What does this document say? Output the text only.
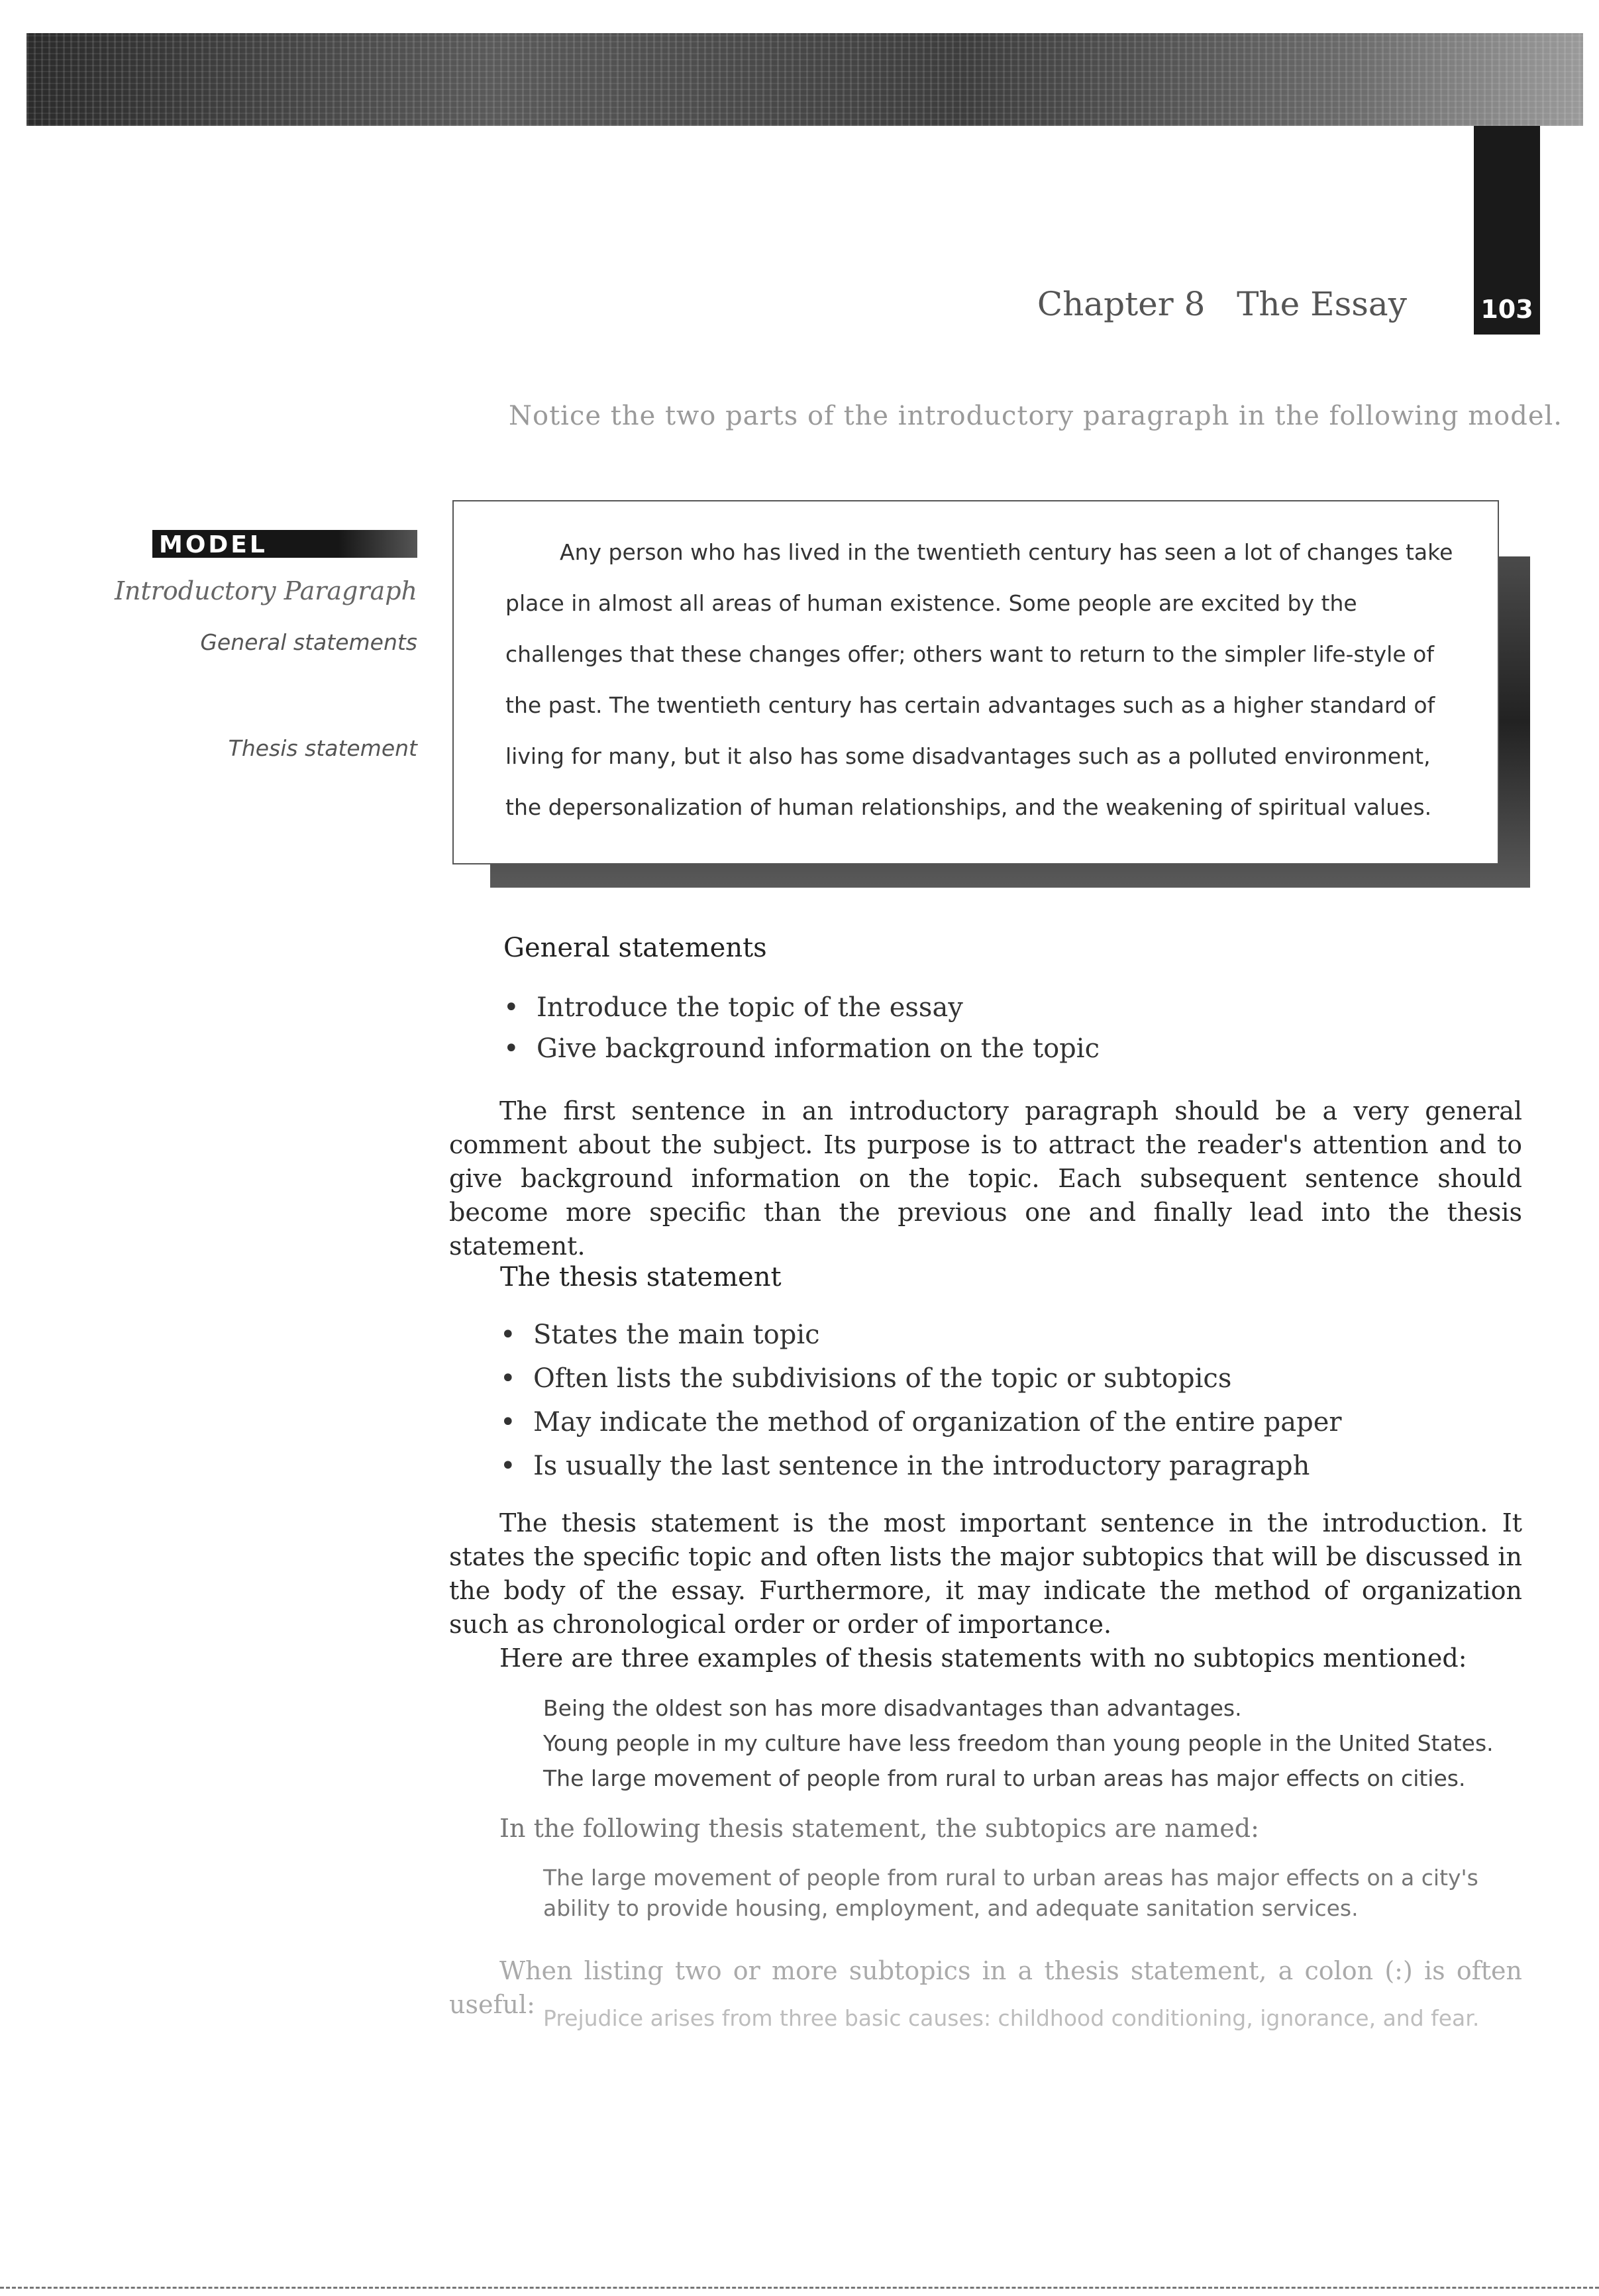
103
Chapter 8 The Essay
Notice the two parts of the introductory paragraph in the following model.
MODEL
Introductory Paragraph
General statements
Thesis statement

Any person who has lived in the twentieth century has seen a lot of changes take place in almost all areas of human existence. Some people are excited by the challenges that these changes offer; others want to return to the simpler life-style of the past. The twentieth century has certain advantages such as a higher standard of living for many, but it also has some disadvantages such as a polluted environment, the depersonalization of human relationships, and the weakening of spiritual values.

General statements
• Introduce the topic of the essay
• Give background information on the topic

The first sentence in an introductory paragraph should be a very general comment about the subject. Its purpose is to attract the reader's attention and to give background information on the topic. Each subsequent sentence should become more specific than the previous one and finally lead into the thesis statement.

The thesis statement
• States the main topic
• Often lists the subdivisions of the topic or subtopics
• May indicate the method of organization of the entire paper
• Is usually the last sentence in the introductory paragraph

The thesis statement is the most important sentence in the introduction. It states the specific topic and often lists the major subtopics that will be discussed in the body of the essay. Furthermore, it may indicate the method of organization such as chronological order or order of importance.

Here are three examples of thesis statements with no subtopics mentioned:

Being the oldest son has more disadvantages than advantages.
Young people in my culture have less freedom than young people in the United States.
The large movement of people from rural to urban areas has major effects on cities.

In the following thesis statement, the subtopics are named:

The large movement of people from rural to urban areas has major effects on a city's ability to provide housing, employment, and adequate sanitation services.

When listing two or more subtopics in a thesis statement, a colon (:) is often useful: Prejudice arises from three basic causes: childhood conditioning, ignorance, and fear.
